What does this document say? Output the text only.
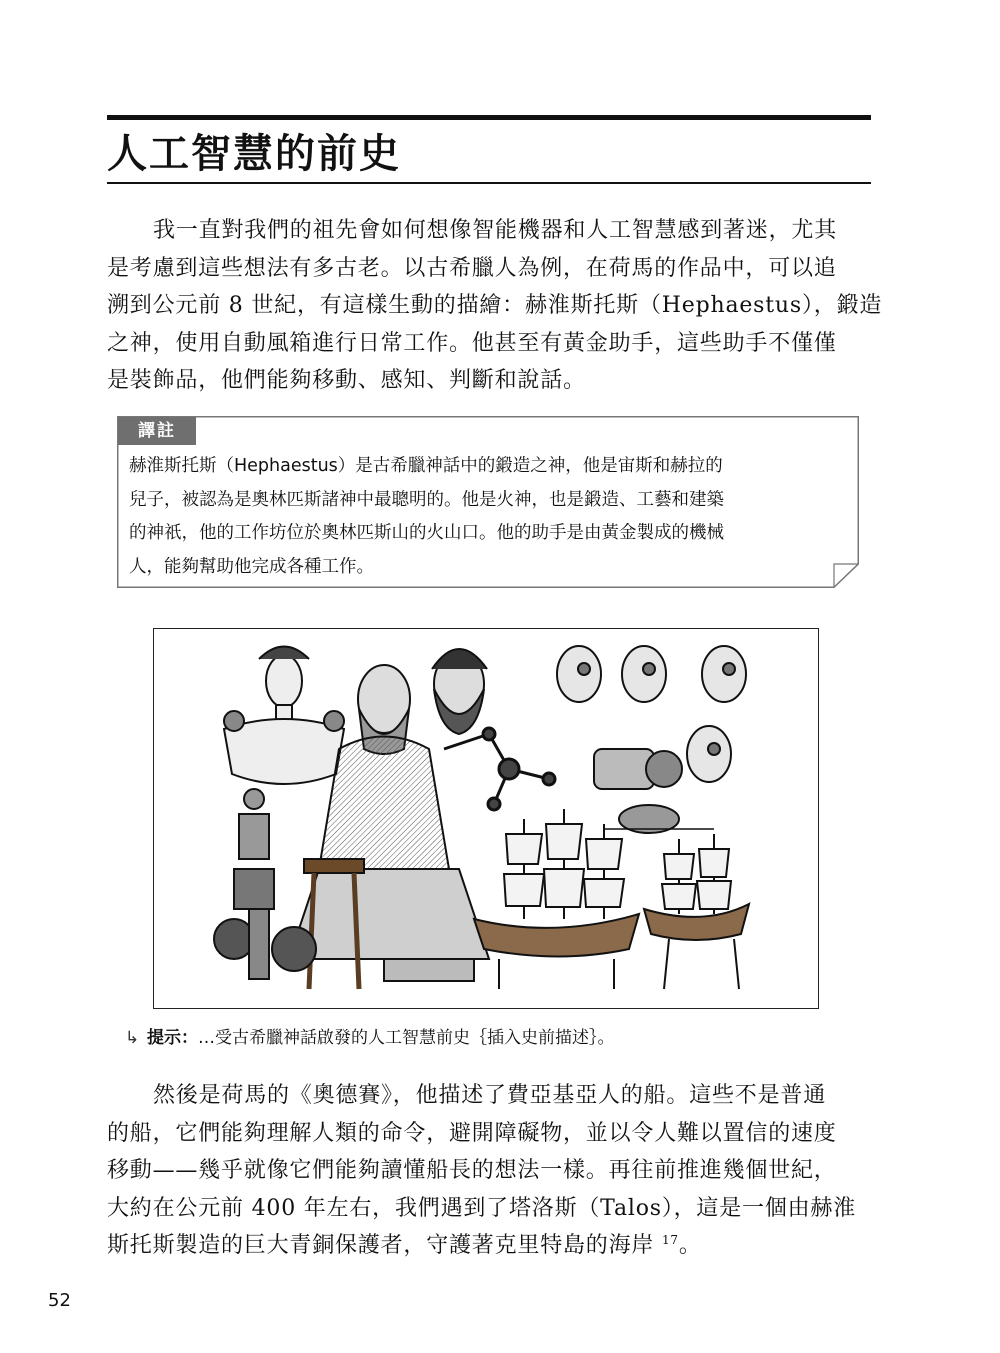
人工智慧的前史
我一直對我們的祖先會如何想像智能機器和人工智慧感到著迷，尤其
是考慮到這些想法有多古老。以古希臘人為例，在荷馬的作品中，可以追
溯到公元前 8 世紀，有這樣生動的描繪：赫淮斯托斯（Hephaestus），鍛造
之神，使用自動風箱進行日常工作。他甚至有黃金助手，這些助手不僅僅
是裝飾品，他們能夠移動、感知、判斷和說話。
譯註
赫淮斯托斯（Hephaestus）是古希臘神話中的鍛造之神，他是宙斯和赫拉的
兒子，被認為是奧林匹斯諸神中最聰明的。他是火神，也是鍛造、工藝和建築
的神祇，他的工作坊位於奧林匹斯山的火山口。他的助手是由黃金製成的機械
人，能夠幫助他完成各種工作。
↳ 提示：…受古希臘神話啟發的人工智慧前史｛插入史前描述｝。
然後是荷馬的《奧德賽》，他描述了費亞基亞人的船。這些不是普通
的船，它們能夠理解人類的命令，避開障礙物，並以令人難以置信的速度
移動——幾乎就像它們能夠讀懂船長的想法一樣。再往前推進幾個世紀，
大約在公元前 400 年左右，我們遇到了塔洛斯（Talos），這是一個由赫淮
斯托斯製造的巨大青銅保護者，守護著克里特島的海岸 $^{17}$。
52
